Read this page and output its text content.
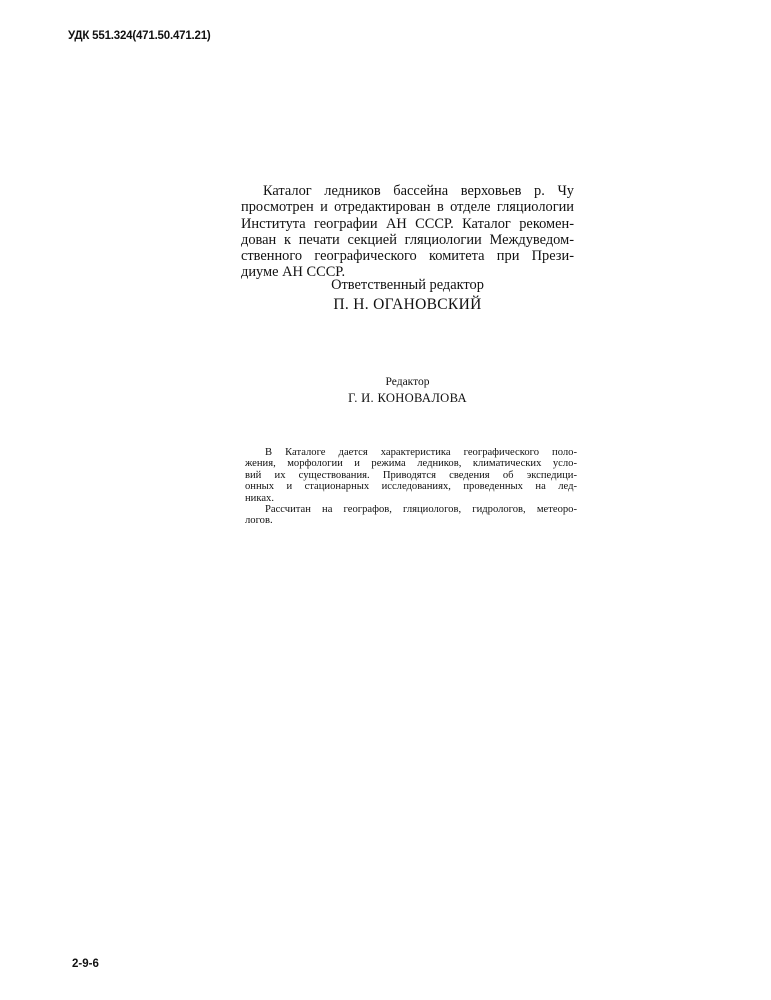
УДК 551.324(471.50.471.21)
Каталог ледников бассейна верховьев р. Чу
просмотрен и отредактирован в отделе гляциологии
Института географии АН СССР. Каталог рекомен-
дован к печати секцией гляциологии Междуведом-
ственного географического комитета при Прези-
диуме АН СССР.
Ответственный редактор
П. Н. ОГАНОВСКИЙ
Редактор
Г. И. КОНОВАЛОВА
В Каталоге дается характеристика географического поло-
жения, морфологии и режима ледников, климатических усло-
вий их существования. Приводятся сведения об экспедици-
онных и стационарных исследованиях, проведенных на лед-
никах.
Рассчитан на географов, гляциологов, гидрологов, метеоро-
логов.
2-9-6
